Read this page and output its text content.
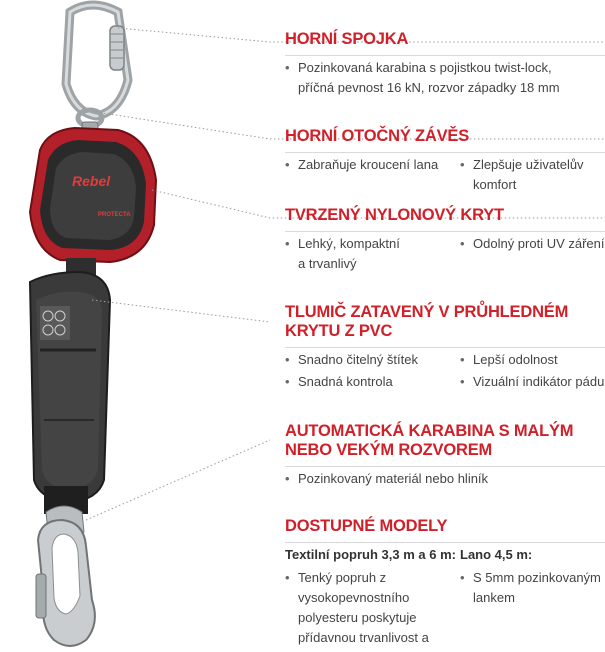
Rebel
PROTECTA
HORNÍ SPOJKA
• Pozinkovaná karabina s pojistkou twist-lock,
příčná pevnost 16 kN, rozvor západky 18 mm
HORNÍ OTOČNÝ ZÁVĚS
• Zabraňuje kroucení lana	• Zlepšuje uživatelův
komfort
TVRZENÝ NYLONOVÝ KRYT
• Lehký, kompaktní
a trvanlivý
• Odolný proti UV záření
TLUMIČ ZATAVENÝ V PRŮHLEDNÉM
KRYTU Z PVC
• Snadno čitelný štítek	• Lepší odolnost
• Snadná kontrola	• Vizuální indikátor pádu
AUTOMATICKÁ KARABINA S MALÝM
NEBO VEKÝM ROZVOREM
• Pozinkovaný materiál nebo hliník
DOSTUPNÉ MODELY
Textilní popruh 3,3 m a 6 m: Lano 4,5 m:
• Tenký popruh z
vysokopevnostního
polyesteru poskytuje
přídavnou trvanlivost a
• S 5mm pozinkovaným
lankem
